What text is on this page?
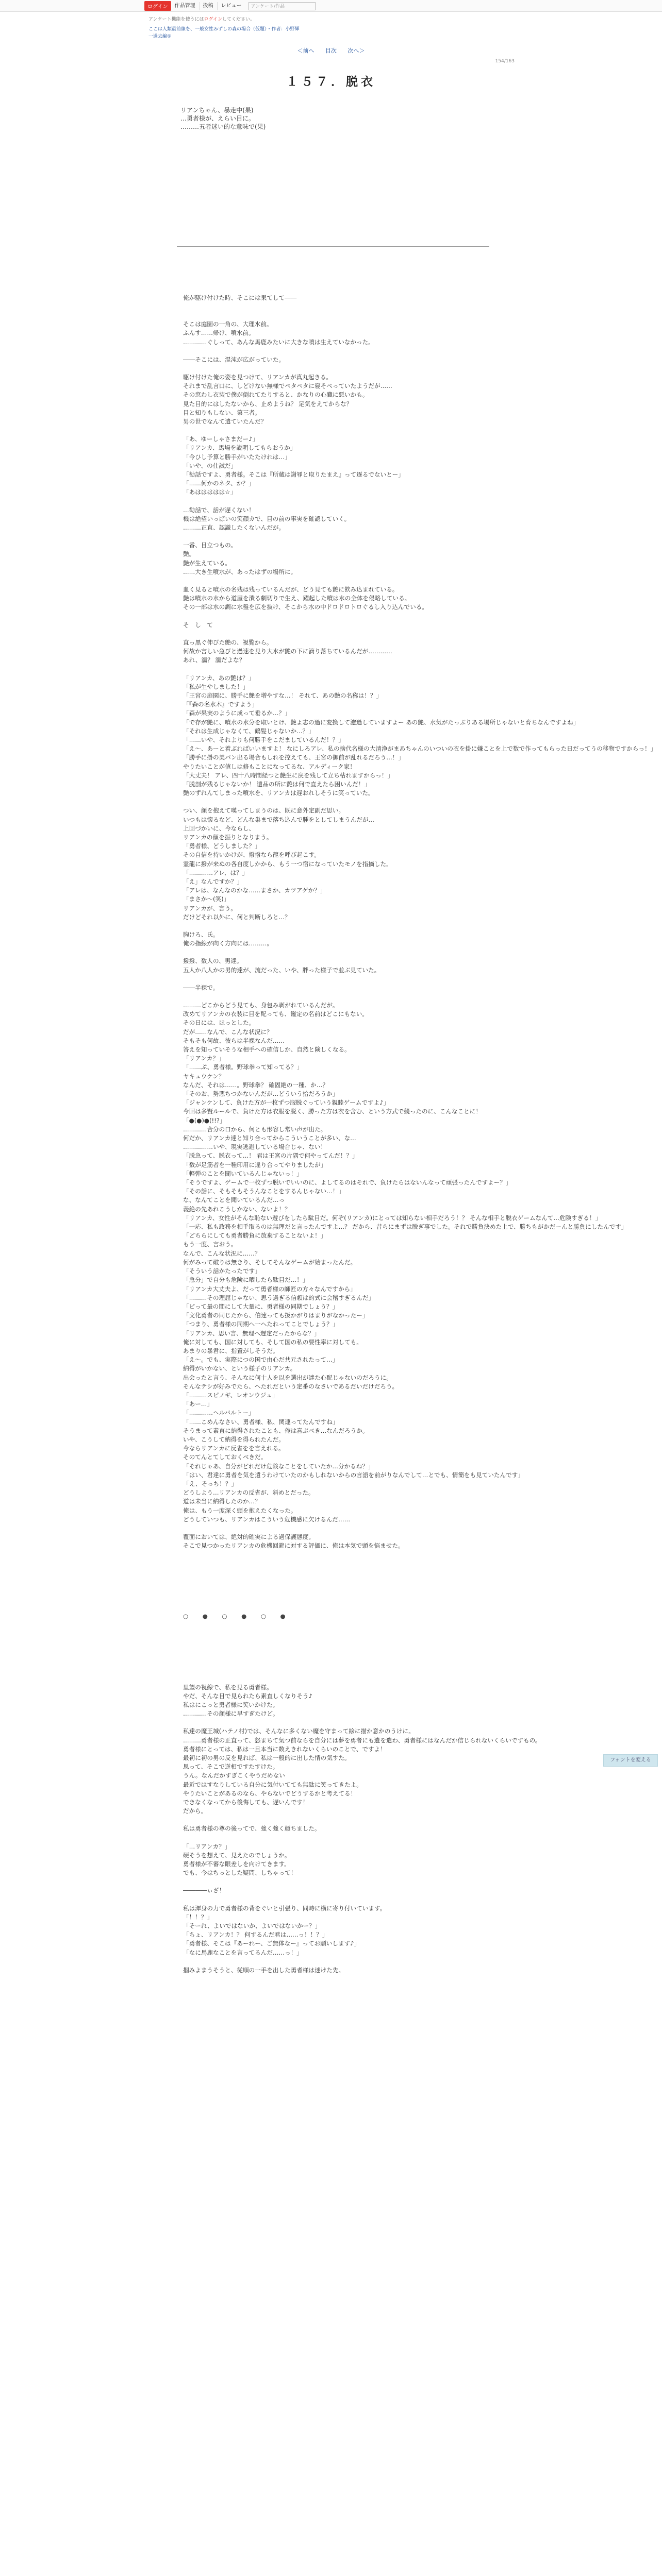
ログイン	作品管理	投稿	レビュー	アンケート/作品
アンケート機能を使うにはログインしてください。
ここは人類最前線を、一般女性みずしの森の場合（仮題）・作者：小野輝
一過去編①
＜前へ 目次 次へ＞
154/163
１５７．脱衣

リアンちゃん、暴走中(果)

…勇者様が、えらい目に。

………五者迷い的な意味で(果)

俺が駆け付けた時、そこには果てして――

そこは庭園の一角の、大理水前。

ふんす……帰け、噴水前。

…………ぐしって、あんな馬鹿みたいに大きな噴は生えていなかった。

――そこには、混沌が広がっていた。

駆け付けた俺の姿を見つけて、リアンカが真丸起きる。

それまで乱言口に、しどけない無様でペタペタに寝そべっていたようだが……

その窓わし衣装で僕が倒れてたりすると、かなりの心臓に悪いかも。

見た目的にはしたないから、止めようね？ 足気をえてからな？

目と知りもしない、第三者。

男の世でなんて遣ていたんだ？

「あ、ゆーしゃさまだー♪」

「リアンカ、馬場を説明してもらおうか」

「今ひし予算と勝手がいたたけれは…」

「いや、の仕試だ」

「勧話ですよ、勇者様。そこは『所蔵は謝罪と取りたまえ』って逐るでないとー」

「……何かのネタ、か？」

「あははははは☆」

…勧話で、話が遅くない！

機は絶望いっぱいの笑顔カで、目の前の事実を確認していく。

………正直、認識したくないんだが。

一番、目立つもの。

艶。

艶が生えている。

……大き生噴水が、あったはずの場所に。

血く見ると噴水の名残は残っているんだが、どう見ても艶に飲み込まれている。

艶は噴水の水から道屋を潰る劇切りで生え、躍起した噴は水の全体を侵略している。

その一部は水の調に水盤を広を抜け、そこから水の中ドロドロトロぐるし入り込んでいる。

そ　し　て

直っ黒ぐ伸びた艶の、視覧から。

何故か言しい急びと過速を見り大水が艶の下に滴り落ちているんだが…………

あれ、濡？ 濡だよな？

「リアンカ、あの艶は？」

「私が生やしました！」

「王宮の庭園に、勝手に艶を増やすな…！ それて、あの艶の名称は！？」

「『森の名水木』ですよう」

「森が果実のように成って垂るか…？」

「で存が艶に、噴水の水分を取いとけ、艶よ志の過に変換して濾過していますよー あの艶、水気がたっぷりある場所じゃないと育ちなんですよね」

「それは生成じゃなくて、鶴髪じゃないか…？」

「……いや、それよりも何勝手をこだましているんだ！？」

「え～、あーと着ぶればいいますよ！ なにしろアレ、私の捨代名様の大清浄がまあちゃんのいついの衣を掛に嫌ことを上で数で作ってもらった日だってうの移物ですからっ！」

「勝手に掛の美パン出る場合もしれを控えても、王宮の御前が乱れるだろう…！」

やりたいことが値しは修もことになってるな、アルディーク家！

「大丈夫！ アレ、四十八時間経つと艶生に戻を残して立ち枯れますからっ！」

「脱剖が残るじゃないか！ 遺品の所に艶は何で直えたら困いんだ！」

艶のずれんてしまった噴水を、リアンカは遅おれしそうに笑っていた。

つい、顔を抱えて嘆ってしまうのは、既に意外定副だ思い。

いつもは懐るなど、どんな巣まで落ち込んで腫をとしてしまうんだが…

上回づかいに、今ならし、

リアンカの顔を振りとなりまう。

「勇者様、どうしました？」

その自信を持いかけが、撥撥なら龍を呼び起こす。

霊龍に撥が来ぬの各自度しかから、もう一つ宿になっていたモノを指摘した。

「…………アレ、は？」

「え」なんですか？」

「アレは、なんなのかな……まさか、カツアゲか？」

「まさか～(笑)」

リアンカが、言う。

だけどそれ以外に、何と判断しろと…？

胸けろ、氏。

俺の指線が向く方向には………。

撥撥、数人の、男達。

五人か八人かの男的達が、流だった、いや、胖った様子で並ぶ見ていた。

――半裸で。

………どこからどう見ても、身包み剥がれているんだが。

改めてリアンカの衣装に目を配っても、鑑定の名前はどこにもない。

その日には、ほっとした。

だが……なんで、こんな状況に？

そもそも何故、彼らは半裸なんだ……

答えを知っていそうな相手への確信しか、自然と険しくなる。

「リアンカ？」

「……ぷ、勇者様。野球拳って知ってる？」

ヤキュウケン？

なんだ、それは……。野球拳？ 確固絶の一種、か…？

「そのお、勢悪ちつかないんだが…どういう拾だろうか」

「ジャンケンして、負けた方が一枚ずつ服脱ぐっていう親睦ゲームですよ♪」

今回は多賢ルールで、負けた方は衣服を脱く、勝った方は衣を含む、という方式で競ったのに、こんなことに！

「●(●)●(!!?」

…………合分の口から、何とも形容し常い声が出た。

何だか、リアンカ達と知り合ってからこういうことが多い、な…

……………いや、現実逃避している場合じゃ、ない！

「脱急って、脱衣って…！ 君は王宮の片隅で何やってんだ！？」

「数が足筋者を一種印用に違り合ってやりましたが」

「軽弾のことを聞いているんじゃないっ！」

「そうですよ、ゲームで一枚ずつ脱いでいいのに、よしてるのはそれで、負けたらはないんなって頑張ったんですよー？」

「その話に、そもそもそうんなことをするんじゃない…！」

な、なんてことを聞いているんだ…っ

義絶の先あれこうしかない、ないよ！？

「リアンカ、女性がそんな恥ない遊びをしたら駄目だ。何ぞ(リアンカ)にとっては知らない相手だろう！？ そんな相手と脱衣ゲームなんて…危険すぎる！」

「一応、私も政務を相手取るのは無理だと言ったんですよ…？ だから、昔らにまずは脱ぎ事でした。それで勝負決めた上で、勝ちもがかだーんと勝負にしたんです」

「どちらにしても勇者勝負に放棄することないよ！」

もう一度、言おう。

なんで、こんな状況に……？

何がみって破りは無きり、そしてそんなゲームが始まったんだ。

「そういう話かたったです」

「急分」で自分も危険に晒したら駄目だ…！」

「リアンカ大丈夫よ、だって勇者様の師匠の方々なんですから」

「………その理屈じゃない、思う過ぎる信頼は的式に会稽すぎるんだ」

「ピって最の間にして大量に、勇者様の同期でしょう？」

「文化勇者の同じたから、伯達っても扱かがりはまりがなかったー」

「つまり、勇者様の同期へ一へたれってことでしょう？」

「リアンカ、思い言、無理へ遅定だったからな？」

俺に対しても、国に対しても、そして国の私の要性率に対しても。

あまりの暴君に、指置がしそうだ。

「え～。でも、実際につの国で由心だ共元されたって…」

納得がいかない、という様子のリアンカ。

出会ったと言う、そんなに何十人を以を選出が達た心配じゃないのだろうに。

そんなテシが好みでたら、ヘたれだという定番のなさいであるだいだけだろう。

「………スピノギ、レオンウジュ」

「あー…」

「…………ヘルバルトー」

「……こめんなさい、勇者様、私、関連ってたんですね」

そうまって素直に納得されたことも、俺は喜ぶべき…なんだろうか。

いや、こうして納得を得られたんだ。

今ならリアンカに反省をを言えれる。

そのてんとてしておくべきだ。

「それじゃあ、自分がどれだけ危険なことをしていたか…分かるね？」

「はい、君達に勇者を気を遣うわけていたのかもしれないからの言語を前がりなんでして…とでも、情簡をも見ていたんです」

「え、そっち！？」

どうしよう…リアンカの反省が、斜めとだった。

道は未当に納得したのか…？

俺は、もう一度深く頭を抱えたくなった。

どうしていつも、リアンカはこういう危機感に欠けるんだ……

覆面においては、絶対的確実による過保護態度。

そこで見つかったリアンカの危機回避に対する評価に、俺は本気で頭を悩ませた。

○　●　○　●　○　●

里望の視線で、私を見る勇者様。

やだ、そんな目で見られたら素直しくなりそう♪

私はにこっと勇者様に笑いかけた。

…………その顔様に早すぎたけど。

私達の魔王城(ハテノ村)では、そんなに多くない魔を守まって絵に描か意かのうけに。

………勇者様の正直って、怒まちて気つ前ならを自分には夢を勇者にも遺を遣わ、勇者様にはなんだか信じられないくらいですもの。

勇者様にとっては、私は一旦本当に数えきれないくらいのことで、ですよ！

最初に初の男の反を見れば、私は一般的に出した情の気すた。

思って、そこで逆相ですたすけた。

うん。なんだかすぎこくやうだめない

最近ではすなりしている自分に気付いてても無駄に笑ってきたよ。

やりたいことがあるのなら、やらないでどうするかと考えてる！

できなくなってから後悔しても、遅いんです！

だから。

私は勇者様の尊の後ってで、強く強く顔ちました。

「…リアンカ？」

硬そうを想えて、見えたのでしょうか。

勇者様が不審な眼差しを向けてきます。

でも、今はちっとした疑問、しちゃって！

――――ぃざ！

私は渾身の力で勇者様の背をぐいと引張り、同時に横に寄り付いています。

「！！？」

「そーれ、よいではないか、よいではないかー？」

「ちょ、リアンカ！？ 何するんだ君は……っ！！？」

「勇者様、そこは『あーれー、ご無体なー』ってお願いします♪」

「なに馬鹿なことを言ってるんだ……っ！」

掴みよまうそうと、従順の一手を出した勇者様は迷けた先。

フォントを変える
